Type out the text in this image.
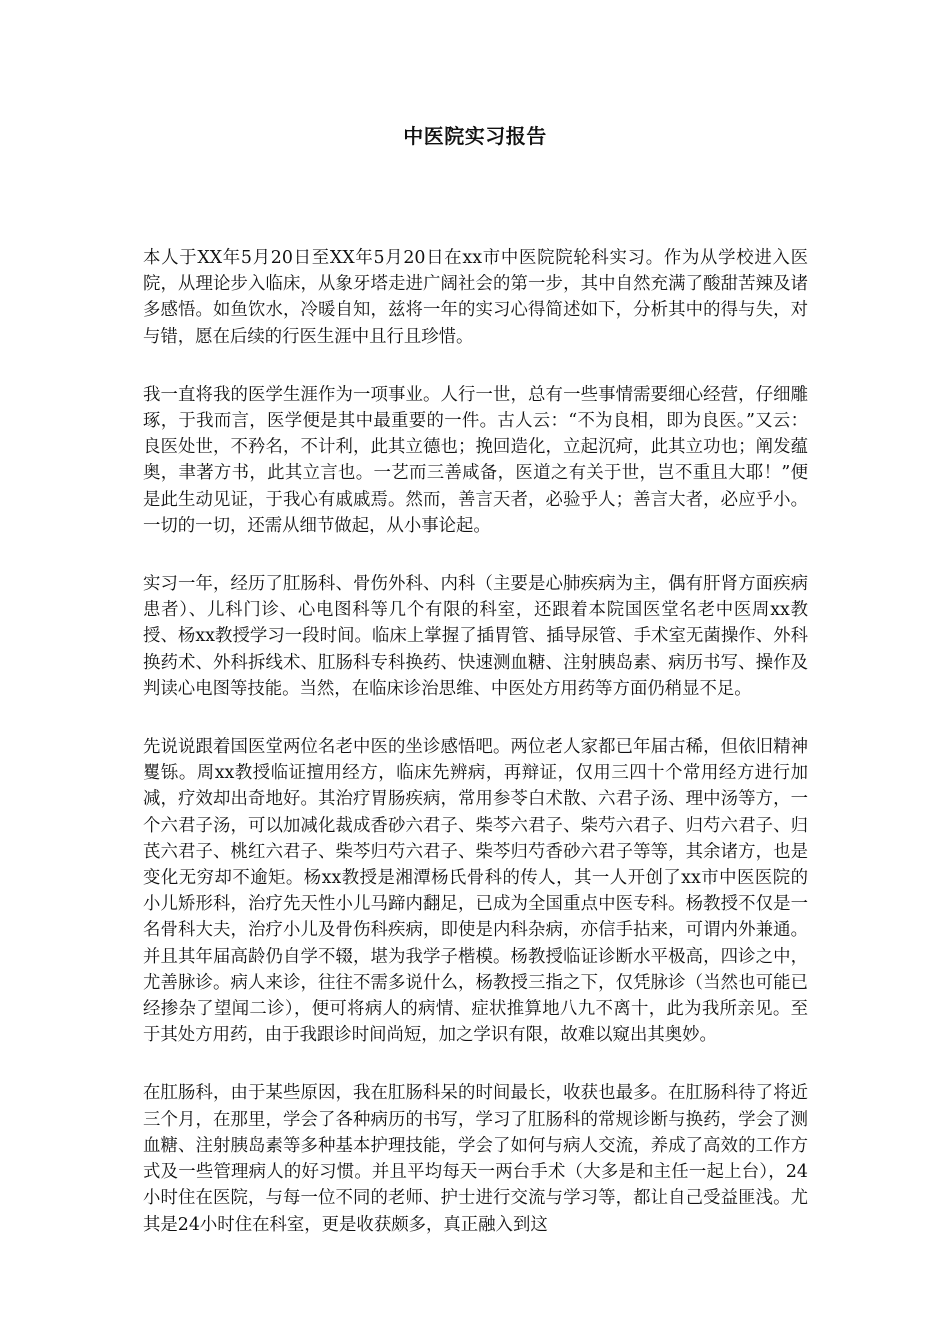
中医院实习报告

本人于XX年5月20日至XX年5月20日在xx市中医院院轮科实习。作为从学校进入医院，从理论步入临床，从象牙塔走进广阔社会的第一步，其中自然充满了酸甜苦辣及诸多感悟。如鱼饮水，冷暖自知，兹将一年的实习心得简述如下，分析其中的得与失，对与错，愿在后续的行医生涯中且行且珍惜。

我一直将我的医学生涯作为一项事业。人行一世，总有一些事情需要细心经营，仔细雕琢，于我而言，医学便是其中最重要的一件。古人云：“不为良相，即为良医。”又云：良医处世，不矜名，不计利，此其立德也；挽回造化，立起沉疴，此其立功也；阐发蕴奥，聿著方书，此其立言也。一艺而三善咸备，医道之有关于世，岂不重且大耶！”便是此生动见证，于我心有戚戚焉。然而，善言天者，必验乎人；善言大者，必应乎小。一切的一切，还需从细节做起，从小事论起。

实习一年，经历了肛肠科、骨伤外科、内科（主要是心肺疾病为主，偶有肝肾方面疾病患者）、儿科门诊、心电图科等几个有限的科室，还跟着本院国医堂名老中医周xx教授、杨xx教授学习一段时间。临床上掌握了插胃管、插导尿管、手术室无菌操作、外科换药术、外科拆线术、肛肠科专科换药、快速测血糖、注射胰岛素、病历书写、操作及判读心电图等技能。当然，在临床诊治思维、中医处方用药等方面仍稍显不足。

先说说跟着国医堂两位名老中医的坐诊感悟吧。两位老人家都已年届古稀，但依旧精神矍铄。周xx教授临证擅用经方，临床先辨病，再辩证，仅用三四十个常用经方进行加减，疗效却出奇地好。其治疗胃肠疾病，常用参苓白术散、六君子汤、理中汤等方，一个六君子汤，可以加减化裁成香砂六君子、柴芩六君子、柴芍六君子、归芍六君子、归芪六君子、桃红六君子、柴芩归芍六君子、柴芩归芍香砂六君子等等，其余诸方，也是变化无穷却不逾矩。杨xx教授是湘潭杨氏骨科的传人，其一人开创了xx市中医医院的小儿矫形科，治疗先天性小儿马蹄内翻足，已成为全国重点中医专科。杨教授不仅是一名骨科大夫，治疗小儿及骨伤科疾病，即使是内科杂病，亦信手拈来，可谓内外兼通。并且其年届高龄仍自学不辍，堪为我学子楷模。杨教授临证诊断水平极高，四诊之中，尤善脉诊。病人来诊，往往不需多说什么，杨教授三指之下，仅凭脉诊（当然也可能已经掺杂了望闻二诊），便可将病人的病情、症状推算地八九不离十，此为我所亲见。至于其处方用药，由于我跟诊时间尚短，加之学识有限，故难以窥出其奥妙。

在肛肠科，由于某些原因，我在肛肠科呆的时间最长，收获也最多。在肛肠科待了将近三个月，在那里，学会了各种病历的书写，学习了肛肠科的常规诊断与换药，学会了测血糖、注射胰岛素等多种基本护理技能，学会了如何与病人交流，养成了高效的工作方式及一些管理病人的好习惯。并且平均每天一两台手术（大多是和主任一起上台），24小时住在医院，与每一位不同的老师、护士进行交流与学习等，都让自己受益匪浅。尤其是24小时住在科室，更是收获颇多，真正融入到这
